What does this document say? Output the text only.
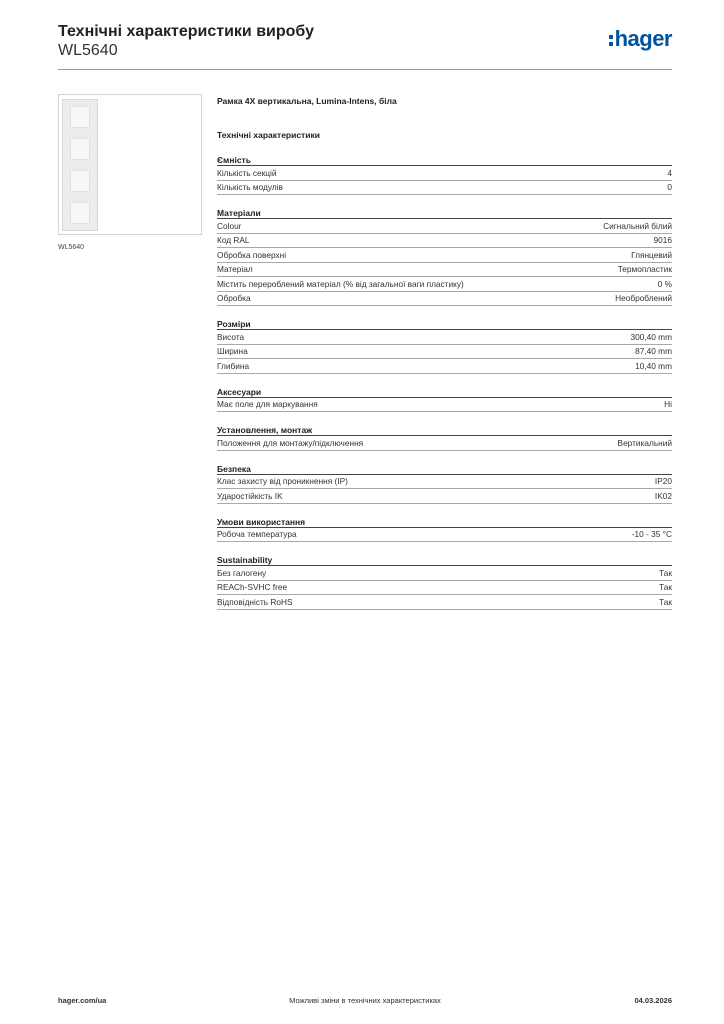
Технічні характеристики виробу
WL5640	hager
WL5640
Рамка 4X вертикальна, Lumina-Intens, біла
Технічні характеристики
Ємність
Кількість секцій	4
Кількість модулів	0
Матеріали
Colour	Сигнальний білий
Код RAL	9016
Обробка поверхні	Глянцевий
Матеріал	Термопластик
Містить перероблений матеріал (% від загальної ваги пластику)	0 %
Обробка	Необроблений
Розміри
Висота	300,40 mm
Ширина	87,40 mm
Глибина	10,40 mm
Аксесуари
Має поле для маркування	Ні
Установлення, монтаж
Положення для монтажу/підключення	Вертикальний
Безпека
Клас захисту від проникнення (IP)	IP20
Ударостійкість IK	IK02
Умови використання
Робоча температура	-10 - 35 °C
Sustainability
Без галогену	Так
REACh-SVHC free	Так
Відповідність RoHS	Так
hager.com/ua	Можливі зміни в технічних характеристиках	04.03.2026
